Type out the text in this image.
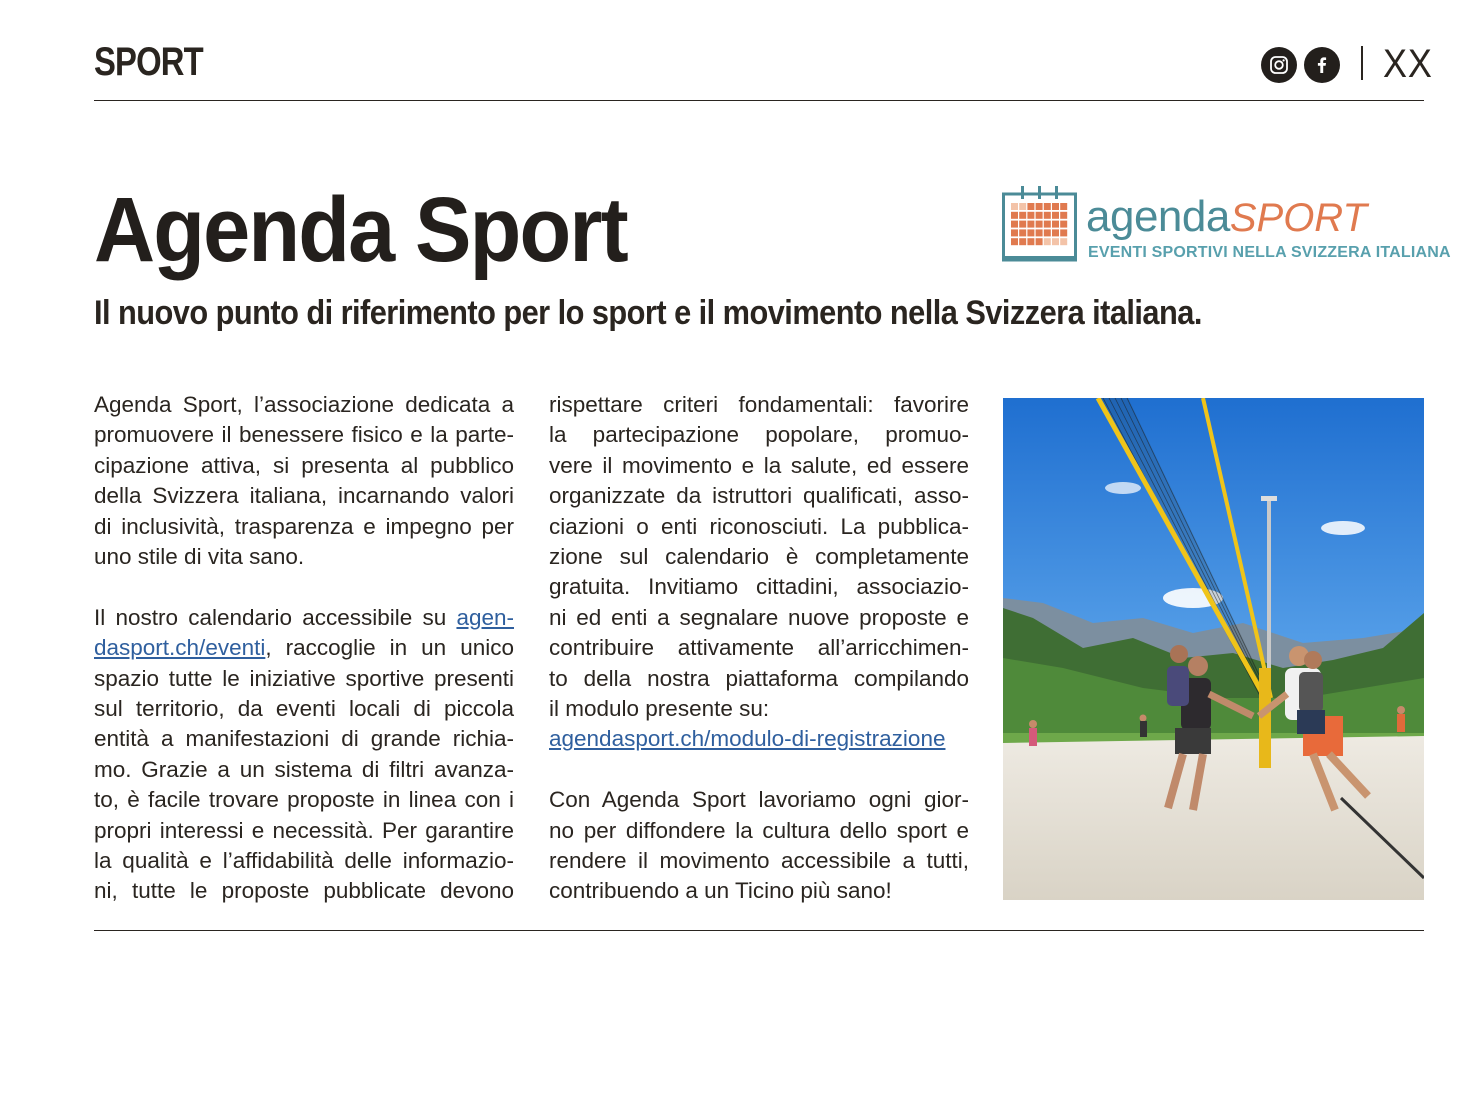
SPORT	XX
Agenda Sport
Il nuovo punto di riferimento per lo sport e il movimento nella Svizzera italiana.
agendaSPORT
EVENTI SPORTIVI NELLA SVIZZERA ITALIANA

Agenda Sport, l’associazione dedicata a
promuovere il benessere fisico e la parte-
cipazione attiva, si presenta al pubblico
della Svizzera italiana, incarnando valori
di inclusività, trasparenza e impegno per
uno stile di vita sano.

Il nostro calendario accessibile su agen-
dasport.ch/eventi, raccoglie in un unico
spazio tutte le iniziative sportive presenti
sul territorio, da eventi locali di piccola
entità a manifestazioni di grande richia-
mo. Grazie a un sistema di filtri avanza-
to, è facile trovare proposte in linea con i
propri interessi e necessità. Per garantire
la qualità e l’affidabilità delle informazio-
ni, tutte le proposte pubblicate devono

rispettare criteri fondamentali: favorire
la partecipazione popolare, promuo-
vere il movimento e la salute, ed essere
organizzate da istruttori qualificati, asso-
ciazioni o enti riconosciuti. La pubblica-
zione sul calendario è completamente
gratuita. Invitiamo cittadini, associazio-
ni ed enti a segnalare nuove proposte e
contribuire attivamente all’arricchimen-
to della nostra piattaforma compilando
il modulo presente su:
agendasport.ch/modulo-di-registrazione

Con Agenda Sport lavoriamo ogni gior-
no per diffondere la cultura dello sport e
rendere il movimento accessibile a tutti,
contribuendo a un Ticino più sano!
